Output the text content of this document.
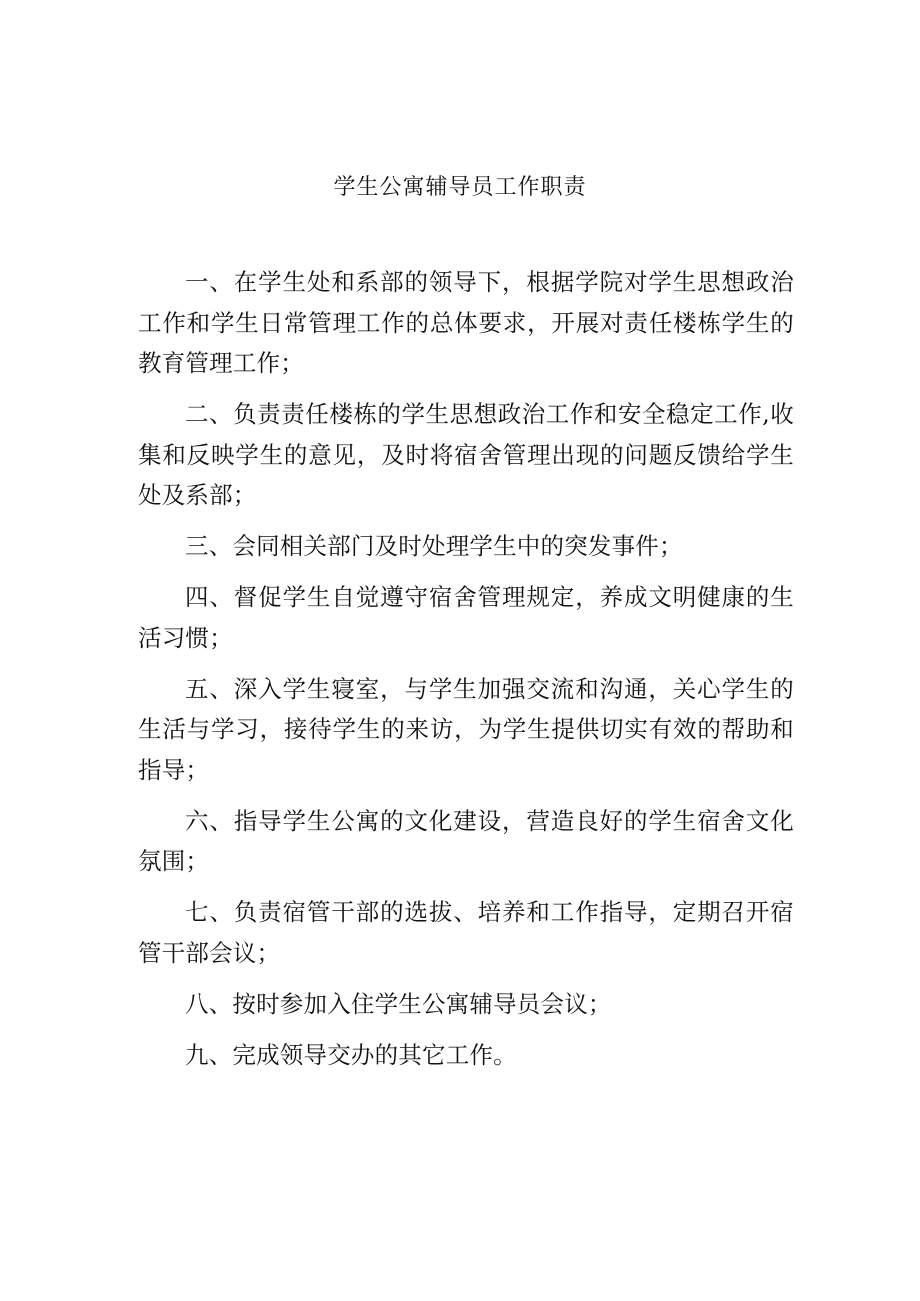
学生公寓辅导员工作职责

一、在学生处和系部的领导下，根据学院对学生思想政治工作和学生日常管理工作的总体要求，开展对责任楼栋学生的教育管理工作；

二、负责责任楼栋的学生思想政治工作和安全稳定工作,收集和反映学生的意见，及时将宿舍管理出现的问题反馈给学生处及系部；

三、会同相关部门及时处理学生中的突发事件；

四、督促学生自觉遵守宿舍管理规定，养成文明健康的生活习惯；

五、深入学生寝室，与学生加强交流和沟通，关心学生的生活与学习，接待学生的来访，为学生提供切实有效的帮助和指导；

六、指导学生公寓的文化建设，营造良好的学生宿舍文化氛围；

七、负责宿管干部的选拔、培养和工作指导，定期召开宿管干部会议；

八、按时参加入住学生公寓辅导员会议；

九、完成领导交办的其它工作。
